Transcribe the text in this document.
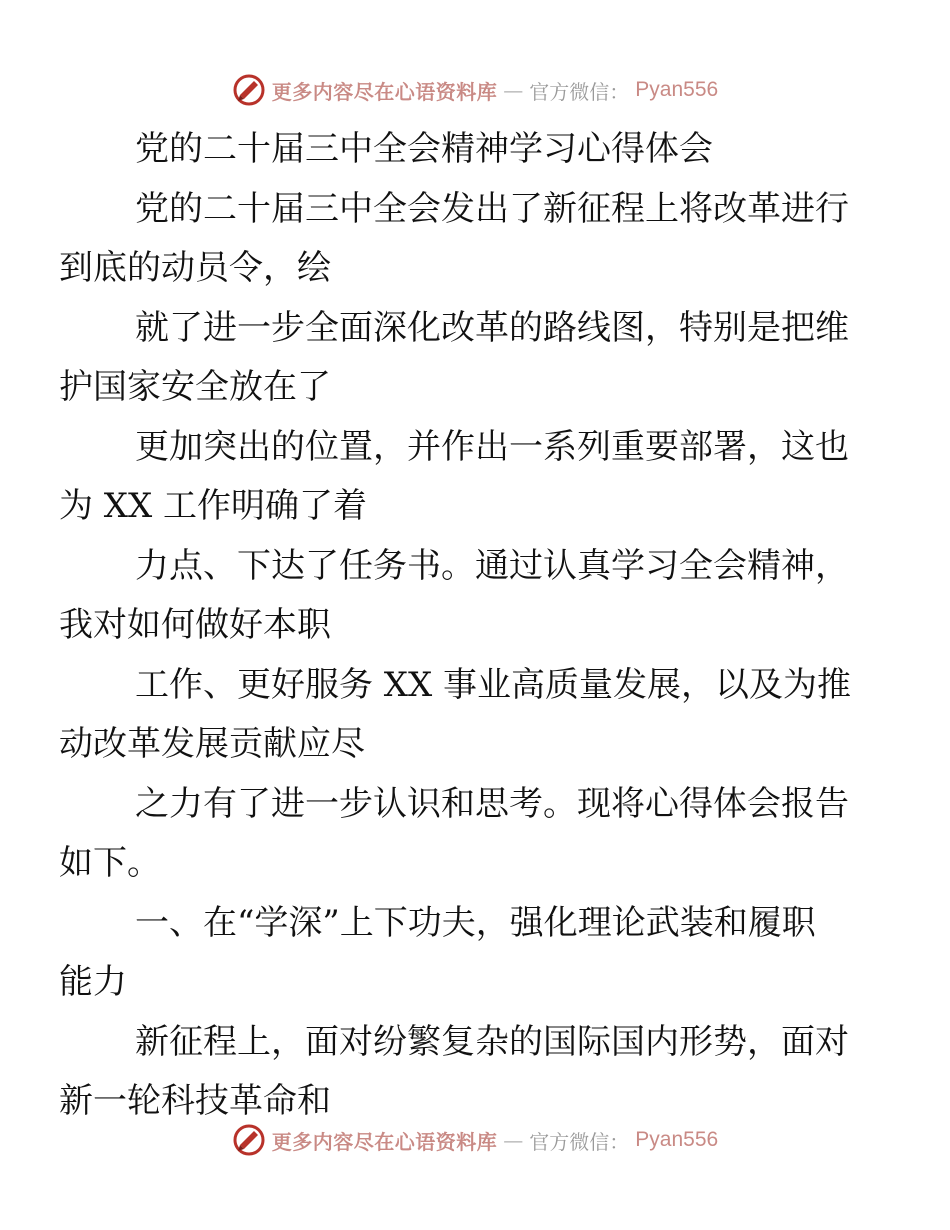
更多内容尽在心语资料库 — 官方微信： Pyan556

党的二十届三中全会精神学习心得体会

党的二十届三中全会发出了新征程上将改革进行
到底的动员令，绘

就了进一步全面深化改革的路线图，特别是把维
护国家安全放在了

更加突出的位置，并作出一系列重要部署，这也
为 XX 工作明确了着

力点、下达了任务书。通过认真学习全会精神，
我对如何做好本职

工作、更好服务 XX 事业高质量发展，以及为推
动改革发展贡献应尽

之力有了进一步认识和思考。现将心得体会报告
如下。

一、在“学深”上下功夫，强化理论武装和履职
能力

新征程上，面对纷繁复杂的国际国内形势，面对
新一轮科技革命和

更多内容尽在心语资料库 — 官方微信： Pyan556
